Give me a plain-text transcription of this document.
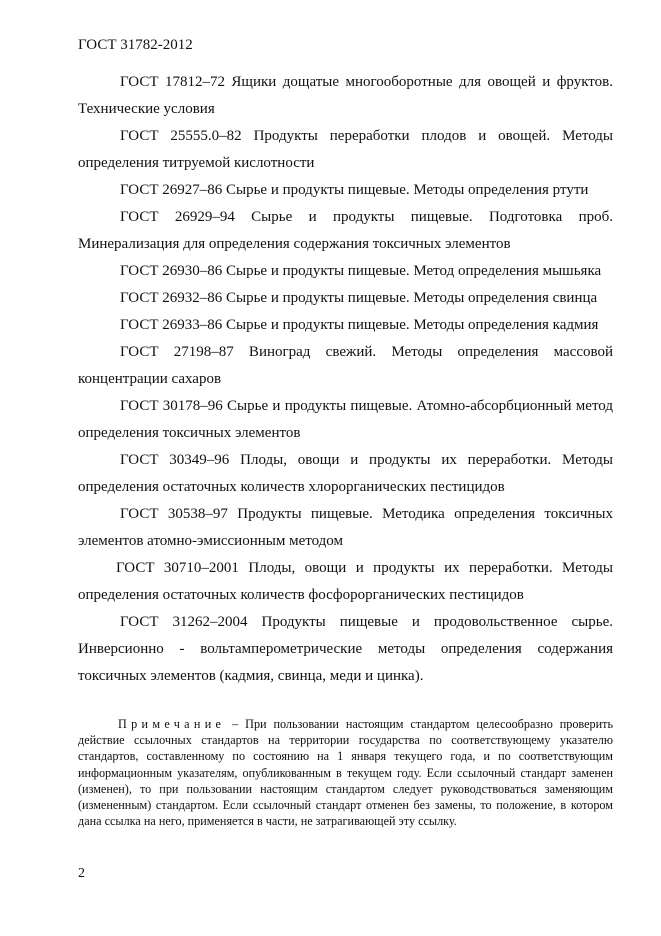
ГОСТ 31782-2012

ГОСТ 17812–72 Ящики дощатые многооборотные для овощей и фруктов. Технические условия

ГОСТ 25555.0–82 Продукты переработки плодов и овощей. Методы определения титруемой кислотности

ГОСТ 26927–86 Сырье и продукты пищевые. Методы определения ртути

ГОСТ 26929–94 Сырье и продукты пищевые. Подготовка проб. Минерализация для определения содержания токсичных элементов

ГОСТ 26930–86 Сырье и продукты пищевые. Метод определения мышьяка

ГОСТ 26932–86 Сырье и продукты пищевые. Методы определения свинца

ГОСТ 26933–86 Сырье и продукты пищевые. Методы определения кадмия

ГОСТ 27198–87 Виноград свежий. Методы определения массовой концентрации сахаров

ГОСТ 30178–96 Сырье и продукты пищевые. Атомно-абсорбционный метод определения токсичных элементов

ГОСТ 30349–96 Плоды, овощи и продукты их переработки. Методы определения остаточных количеств хлорорганических пестицидов

ГОСТ 30538–97 Продукты пищевые. Методика определения токсичных элементов атомно-эмиссионным методом

ГОСТ 30710–2001 Плоды, овощи и продукты их переработки. Методы определения остаточных количеств фосфорорганических пестицидов

ГОСТ 31262–2004 Продукты пищевые и продовольственное сырье. Инверсионно - вольтамперометрические методы определения содержания токсичных элементов (кадмия, свинца, меди и цинка).

Примечание – При пользовании настоящим стандартом целесообразно проверить действие ссылочных стандартов на территории государства по соответствующему указателю стандартов, составленному по состоянию на 1 января текущего года, и по соответствующим информационным указателям, опубликованным в текущем году. Если ссылочный стандарт заменен (изменен), то при пользовании настоящим стандартом следует руководствоваться заменяющим (измененным) стандартом. Если ссылочный стандарт отменен без замены, то положение, в котором дана ссылка на него, применяется в части, не затрагивающей эту ссылку.
2
